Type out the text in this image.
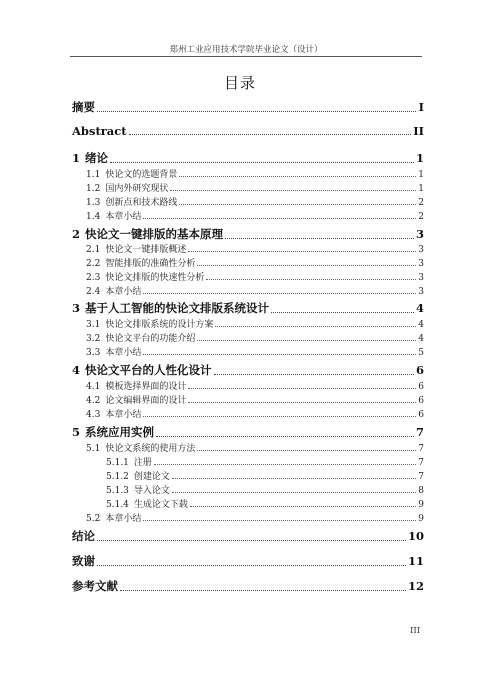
郑州工业应用技术学院毕业论文（设计）
目录
摘要	I
Abstract	II
1 绪论	1
1.1 快论文的选题背景	1
1.2 国内外研究现状	1
1.3 创新点和技术路线	2
1.4 本章小结	2
2 快论文一键排版的基本原理	3
2.1 快论文一键排版概述	3
2.2 智能排版的准确性分析	3
2.3 快论文排版的快速性分析	3
2.4 本章小结	3
3 基于人工智能的快论文排版系统设计	4
3.1 快论文排版系统的设计方案	4
3.2 快论文平台的功能介绍	4
3.3 本章小结	5
4 快论文平台的人性化设计	6
4.1 模板选择界面的设计	6
4.2 论文编辑界面的设计	6
4.3 本章小结	6
5 系统应用实例	7
5.1 快论文系统的使用方法	7
5.1.1 注册	7
5.1.2 创建论文	7
5.1.3 导入论文	8
5.1.4 生成论文下载	9
5.2 本章小结	9
结论	10
致谢	11
参考文献	12
III
